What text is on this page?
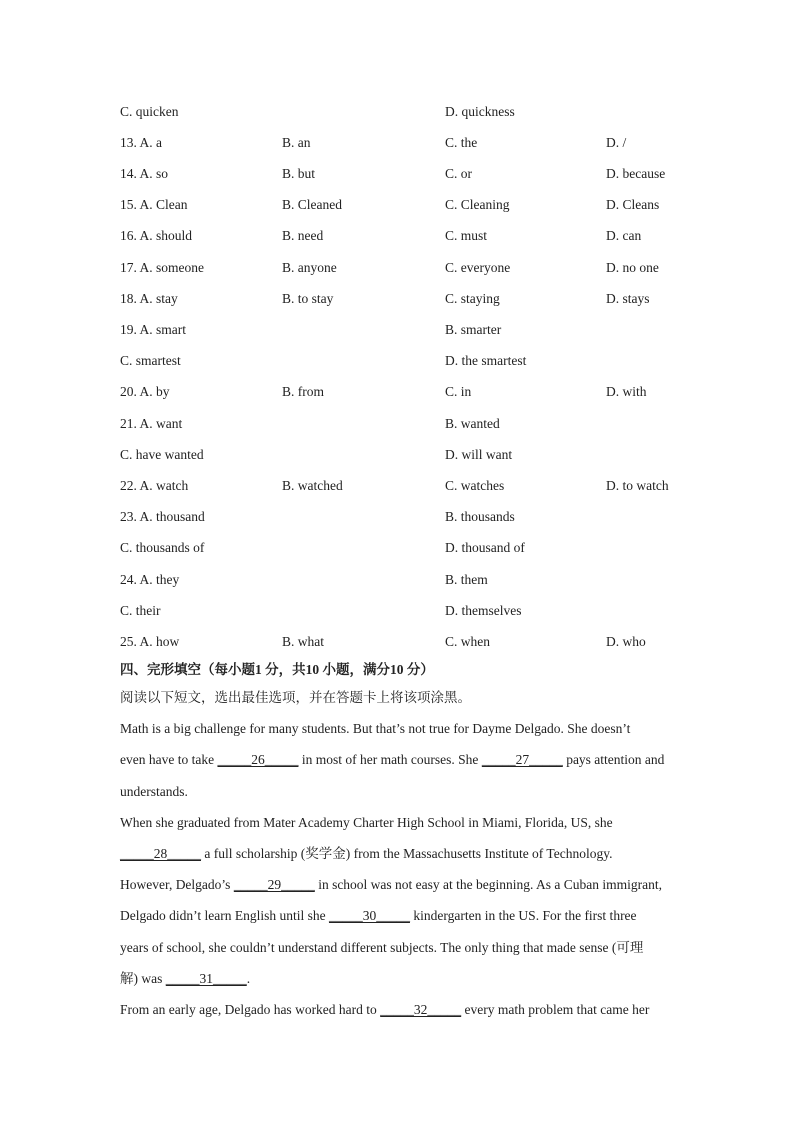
C. quicken	D. quickness
13. A. a	B. an	C. the	D. /
14. A. so	B. but	C. or	D. because
15. A. Clean	B. Cleaned	C. Cleaning	D. Cleans
16. A. should	B. need	C. must	D. can
17. A. someone	B. anyone	C. everyone	D. no one
18. A. stay	B. to stay	C. staying	D. stays
19. A. smart	B. smarter
C. smartest	D. the smartest
20. A. by	B. from	C. in	D. with
21. A. want	B. wanted
C. have wanted	D. will want
22. A. watch	B. watched	C. watches	D. to watch
23. A. thousand	B. thousands
C. thousands of	D. thousand of
24. A. they	B. them
C. their	D. themselves
25. A. how	B. what	C. when	D. who
四、完形填空（每小题1 分，共10 小题，满分10 分）
阅读以下短文，选出最佳选项，并在答题卡上将该项涂黑。
Math is a big challenge for many students. But that’s not true for Dayme Delgado. She doesn’t
even have to take _____26_____ in most of her math courses. She _____27_____ pays attention and
understands.
When she graduated from Mater Academy Charter High School in Miami, Florida, US, she
_____28_____ a full scholarship (奖学金) from the Massachusetts Institute of Technology.
However, Delgado’s _____29_____ in school was not easy at the beginning. As a Cuban immigrant,
Delgado didn’t learn English until she _____30_____ kindergarten in the US. For the first three
years of school, she couldn’t understand different subjects. The only thing that made sense (可理
解) was _____31_____.
From an early age, Delgado has worked hard to _____32_____ every math problem that came her
